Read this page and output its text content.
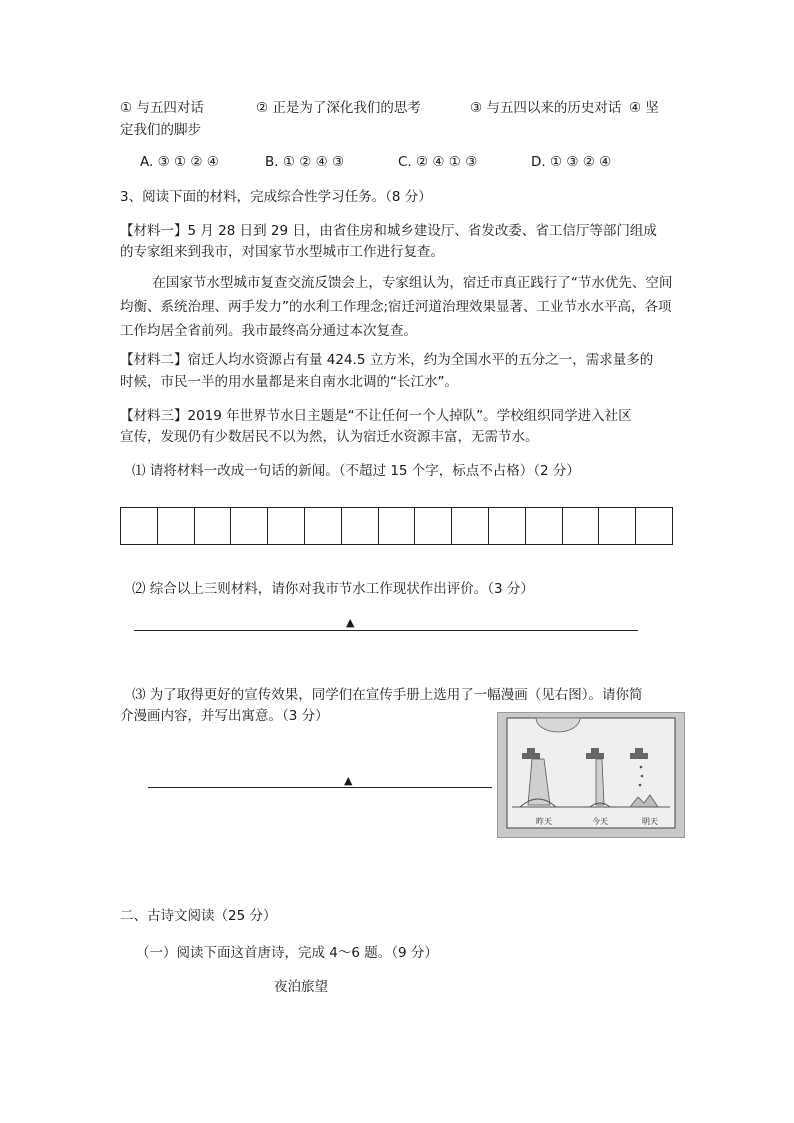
① 与五四对话	② 正是为了深化我们的思考	③ 与五四以来的历史对话 ④ 坚
定我们的脚步
A. ③ ① ② ④	B. ① ② ④ ③	C. ② ④ ① ③	D. ① ③ ② ④
3、阅读下面的材料，完成综合性学习任务。（8 分）
【材料一】5 月 28 日到 29 日，由省住房和城乡建设厅、省发改委、省工信厅等部门组成
的专家组来到我市，对国家节水型城市工作进行复查。
在国家节水型城市复查交流反馈会上，专家组认为，宿迁市真正践行了“节水优先、空间均衡、系统治理、两手发力”的水利工作理念;宿迁河道治理效果显著、工业节水水平高，各项工作均居全省前列。我市最终高分通过本次复查。
【材料二】宿迁人均水资源占有量 424.5 立方米，约为全国水平的五分之一，需求量多的
时候，市民一半的用水量都是来自南水北调的“长江水”。
【材料三】2019 年世界节水日主题是“不让任何一个人掉队”。学校组织同学进入社区
宣传，发现仍有少数居民不以为然，认为宿迁水资源丰富，无需节水。
⑴ 请将材料一改成一句话的新闻。（不超过 15 个字，标点不占格）（2 分）

⑵ 综合以上三则材料，请你对我市节水工作现状作出评价。（3 分）
▲
⑶ 为了取得更好的宣传效果，同学们在宣传手册上选用了一幅漫画（见右图）。请你简
介漫画内容，并写出寓意。（3 分）
▲
昨天	今天	明天
二、古诗文阅读（25 分）
（一）阅读下面这首唐诗，完成 4～6 题。（9 分）
夜泊旅望
